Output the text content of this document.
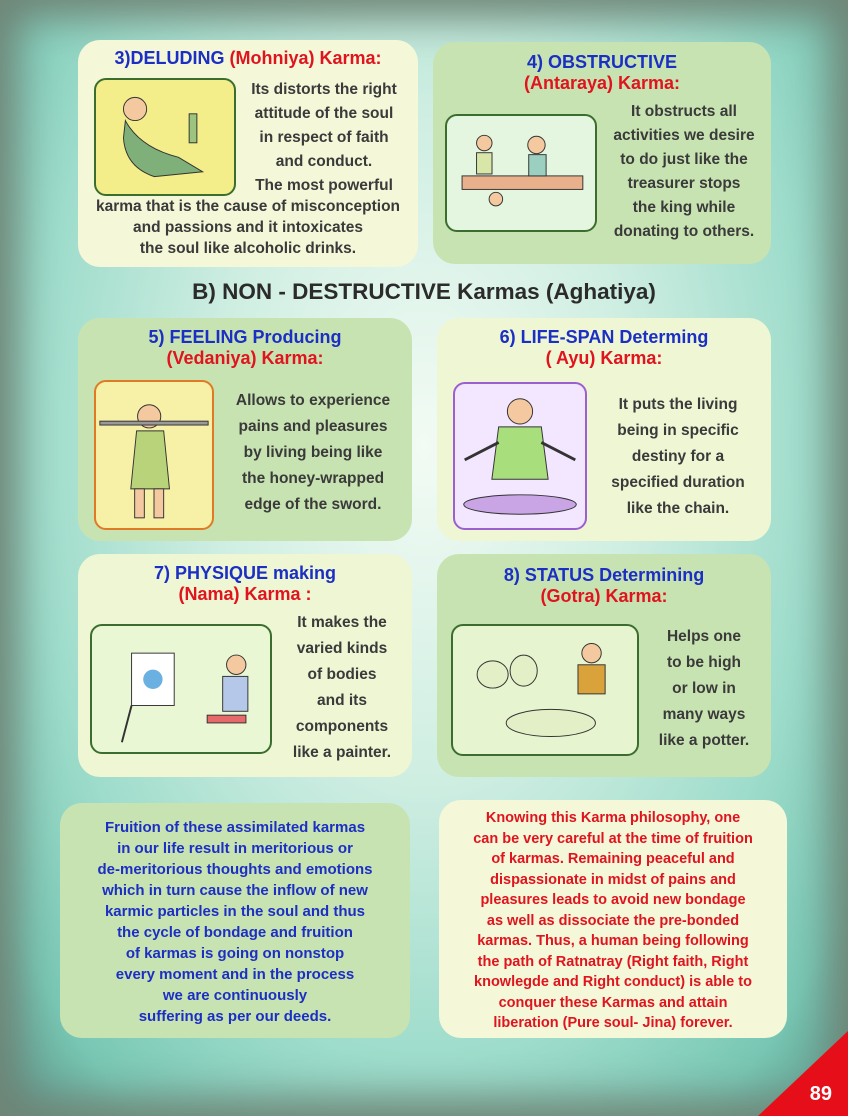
3)DELUDING (Mohniya) Karma:
Its distorts the right
attitude of the soul
in respect of faith
and conduct.
The most powerful
karma that is the cause of misconception
and passions and it intoxicates
the soul like alcoholic drinks.
4) OBSTRUCTIVE
(Antaraya) Karma:
It obstructs all
activities we desire
to do just like the
treasurer stops
the king while
donating to others.
B) NON - DESTRUCTIVE Karmas (Aghatiya)
5) FEELING Producing
(Vedaniya) Karma:
Allows to experience
pains and pleasures
by living being like
the honey-wrapped
edge of the sword.
6) LIFE-SPAN Determing
( Ayu) Karma:
It puts the living
being in specific
destiny for a
specified duration
like the chain.
7) PHYSIQUE making
(Nama) Karma :
It makes the
varied kinds
of bodies
and its
components
like a painter.
8) STATUS Determining
(Gotra) Karma:
Helps one
to be high
or low in
many ways
like a potter.
Fruition of these assimilated karmas
in our life result in meritorious or
de-meritorious thoughts and emotions
which in turn cause the inflow of new
karmic particles in the soul and thus
the cycle of bondage and fruition
of karmas is going on nonstop
every moment and in the process
we are continuously
suffering as per our deeds.
Knowing this Karma philosophy, one
can be very careful at the time of fruition
of karmas. Remaining peaceful and
dispassionate in midst of pains and
pleasures leads to avoid new bondage
as well as dissociate the pre-bonded
karmas. Thus, a human being following
the path of Ratnatray (Right faith, Right
knowlegde and Right conduct) is able to
conquer these Karmas and attain
liberation (Pure soul- Jina) forever.
89
